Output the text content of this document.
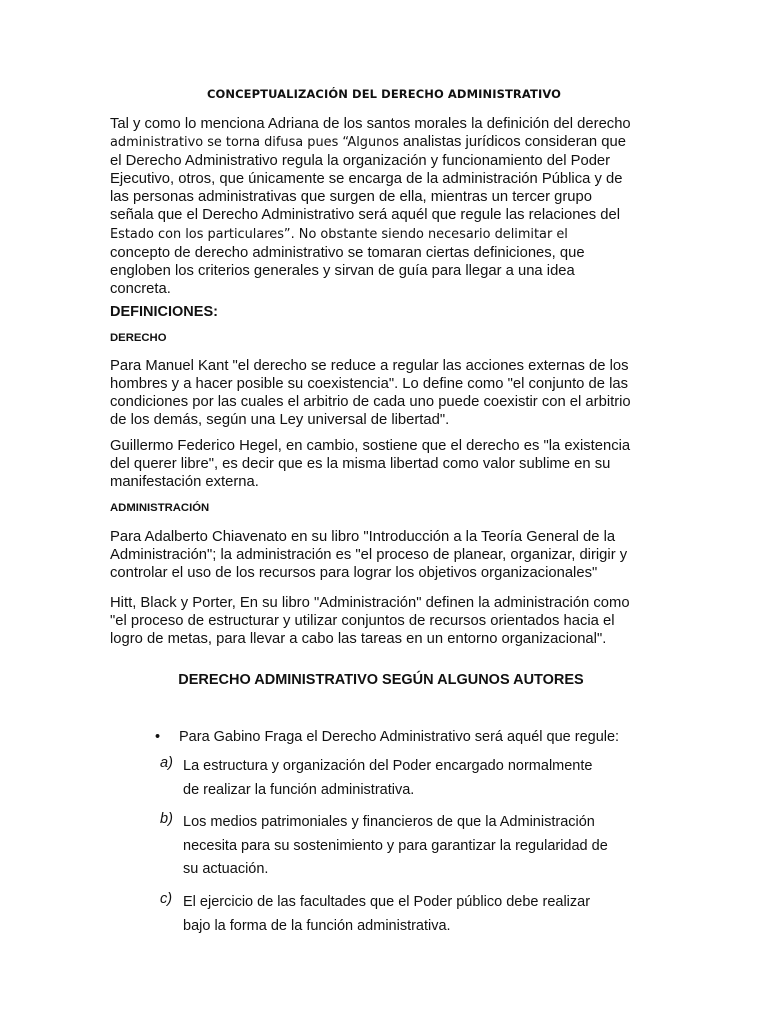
CONCEPTUALIZACIÓN DEL DERECHO ADMINISTRATIVO

Tal y como lo menciona Adriana de los santos morales la definición del derecho
administrativo se torna difusa pues “Algunos analistas jurídicos consideran que
el Derecho Administrativo regula la organización y funcionamiento del Poder
Ejecutivo, otros, que únicamente se encarga de la administración Pública y de
las personas administrativas que surgen de ella, mientras un tercer grupo
señala que el Derecho Administrativo será aquél que regule las relaciones del
Estado con los particulares”. No obstante siendo necesario delimitar el
concepto de derecho administrativo se tomaran ciertas definiciones, que
engloben los criterios generales y sirvan de guía para llegar a una idea
concreta.

DEFINICIONES:
DERECHO

Para Manuel Kant "el derecho se reduce a regular las acciones externas de los
hombres y a hacer posible su coexistencia". Lo define como "el conjunto de las
condiciones por las cuales el arbitrio de cada uno puede coexistir con el arbitrio
de los demás, según una Ley universal de libertad".

Guillermo Federico Hegel, en cambio, sostiene que el derecho es "la existencia
del querer libre", es decir que es la misma libertad como valor sublime en su
manifestación externa.

ADMINISTRACIÓN

Para Adalberto Chiavenato en su libro "Introducción a la Teoría General de la
Administración"; la administración es "el proceso de planear, organizar, dirigir y
controlar el uso de los recursos para lograr los objetivos organizacionales"

Hitt, Black y Porter, En su libro "Administración" definen la administración como
"el proceso de estructurar y utilizar conjuntos de recursos orientados hacia el
logro de metas, para llevar a cabo las tareas en un entorno organizacional".

DERECHO ADMINISTRATIVO SEGÚN ALGUNOS AUTORES
• Para Gabino Fraga el Derecho Administrativo será aquél que regule:
a) La estructura y organización del Poder encargado normalmente
de realizar la función administrativa.
b) Los medios patrimoniales y financieros de que la Administración
necesita para su sostenimiento y para garantizar la regularidad de
su actuación.
c) El ejercicio de las facultades que el Poder público debe realizar
bajo la forma de la función administrativa.
